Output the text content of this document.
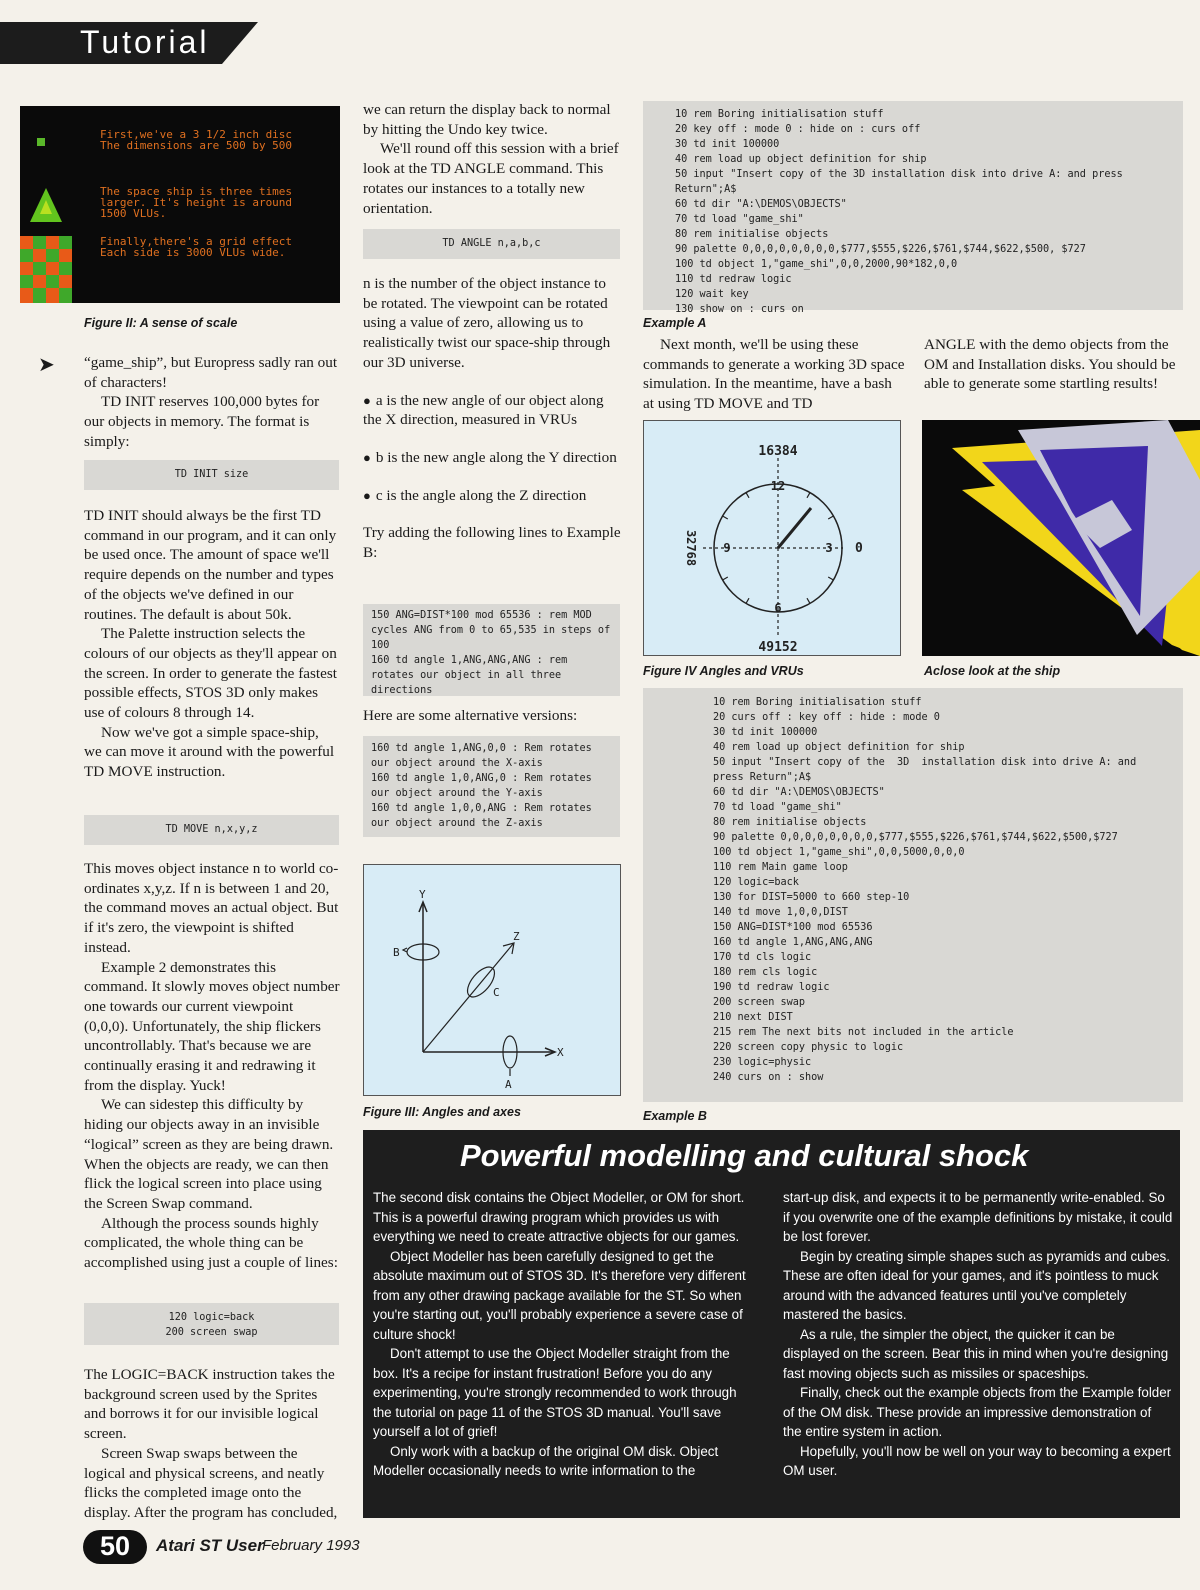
Tutorial
First,we've a 3 1/2 inch disc
The dimensions are 500 by 500
The space ship is three times
larger. It's height is around
1500 VLUs.
Finally,there's a grid effect
Each side is 3000 VLUs wide.
Figure II: A sense of scale
➤ “game_ship”, but Europress sadly ran out of characters!

TD INIT reserves 100,000 bytes for our objects in memory. The format is simply:

TD INIT size

TD INIT should always be the first TD command in our program, and it can only be used once. The amount of space we'll require depends on the number and types of the objects we've defined in our routines. The default is about 50k.

The Palette instruction selects the colours of our objects as they'll appear on the screen. In order to generate the fastest possible effects, STOS 3D only makes use of colours 8 through 14.

Now we've got a simple space-ship, we can move it around with the powerful TD MOVE instruction.

TD MOVE n,x,y,z

This moves object instance n to world co-ordinates x,y,z. If n is between 1 and 20, the command moves an actual object. But if it's zero, the viewpoint is shifted instead.

Example 2 demonstrates this command. It slowly moves object number one towards our current viewpoint (0,0,0). Unfortunately, the ship flickers uncontrollably. That's because we are continually erasing it and redrawing it from the display. Yuck!

We can sidestep this difficulty by hiding our objects away in an invisible “logical” screen as they are being drawn. When the objects are ready, we can then flick the logical screen into place using the Screen Swap command.

Although the process sounds highly complicated, the whole thing can be accomplished using just a couple of lines:

120 logic=back
200 screen swap

The LOGIC=BACK instruction takes the background screen used by the Sprites and borrows it for our invisible logical screen.

Screen Swap swaps between the logical and physical screens, and neatly flicks the completed image onto the display. After the program has concluded,

we can return the display back to normal by hitting the Undo key twice.

We'll round off this session with a brief look at the TD ANGLE command. This rotates our instances to a totally new orientation.

TD ANGLE n,a,b,c

n is the number of the object instance to be rotated. The viewpoint can be rotated using a value of zero, allowing us to realistically twist our space-ship through our 3D universe.

● a is the new angle of our object along the X direction, measured in VRUs

● b is the new angle along the Y direction

● c is the angle along the Z direction

Try adding the following lines to Example B:

150 ANG=DIST*100 mod 65536 : rem MOD cycles ANG from 0 to 65,535 in steps of 100
160 td angle 1,ANG,ANG,ANG : rem rotates our object in all three directions

Here are some alternative versions:

160 td angle 1,ANG,0,0 : Rem rotates our object around the X-axis
160 td angle 1,0,ANG,0 : Rem rotates our object around the Y-axis
160 td angle 1,0,0,ANG : Rem rotates our object around the Z-axis
Y
B
Z
C
X
A
Figure III: Angles and axes
10 rem Boring initialisation stuff
20 key off : mode 0 : hide on : curs off
30 td init 100000
40 rem load up object definition for ship
50 input "Insert copy of the 3D installation disk into drive A: and press Return";A$
60 td dir "A:\DEMOS\OBJECTS"
70 td load "game_shi"
80 rem initialise objects
90 palette 0,0,0,0,0,0,0,0,$777,$555,$226,$761,$744,$622,$500, $727
100 td object 1,"game_shi",0,0,2000,90*182,0,0
110 td redraw logic
120 wait key
130 show on : curs on
Example A

Next month, we'll be using these commands to generate a working 3D space simulation. In the meantime, have a bash at using TD MOVE and TD

ANGLE with the demo objects from the OM and Installation disks. You should be able to generate some startling results!

16384
49152
32768	0
12
3
6
9
Figure IV Angles and VRUs	Aclose look at the ship
10 rem Boring initialisation stuff
20 curs off : key off : hide : mode 0
30 td init 100000
40 rem load up object definition for ship
50 input "Insert copy of the  3D  installation disk into drive A: and
press Return";A$
60 td dir "A:\DEMOS\OBJECTS"
70 td load "game_shi"
80 rem initialise objects
90 palette 0,0,0,0,0,0,0,0,$777,$555,$226,$761,$744,$622,$500,$727
100 td object 1,"game_shi",0,0,5000,0,0,0
110 rem Main game loop
120 logic=back
130 for DIST=5000 to 660 step-10
140 td move 1,0,0,DIST
150 ANG=DIST*100 mod 65536
160 td angle 1,ANG,ANG,ANG
170 td cls logic
180 rem cls logic
190 td redraw logic
200 screen swap
210 next DIST
215 rem The next bits not included in the article
220 screen copy physic to logic
230 logic=physic
240 curs on : show
Example B
Powerful modelling and cultural shock

The second disk contains the Object Modeller, or OM for short. This is a powerful drawing program which provides us with everything we need to create attractive objects for our games.

Object Modeller has been carefully designed to get the absolute maximum out of STOS 3D. It's therefore very different from any other drawing package available for the ST. So when you're starting out, you'll probably experience a severe case of culture shock!

Don't attempt to use the Object Modeller straight from the box. It's a recipe for instant frustration! Before you do any experimenting, you're strongly recommended to work through the tutorial on page 11 of the STOS 3D manual. You'll save yourself a lot of grief!

Only work with a backup of the original OM disk. Object Modeller occasionally needs to write information to the

start-up disk, and expects it to be permanently write-enabled. So if you overwrite one of the example definitions by mistake, it could be lost forever.

Begin by creating simple shapes such as pyramids and cubes. These are often ideal for your games, and it's pointless to muck around with the advanced features until you've completely mastered the basics.

As a rule, the simpler the object, the quicker it can be displayed on the screen. Bear this in mind when you're designing fast moving objects such as missiles or spaceships.

Finally, check out the example objects from the Example folder of the OM disk. These provide an impressive demonstration of the entire system in action.

Hopefully, you'll now be well on your way to becoming a expert OM user.

50 Atari ST User
February 1993
